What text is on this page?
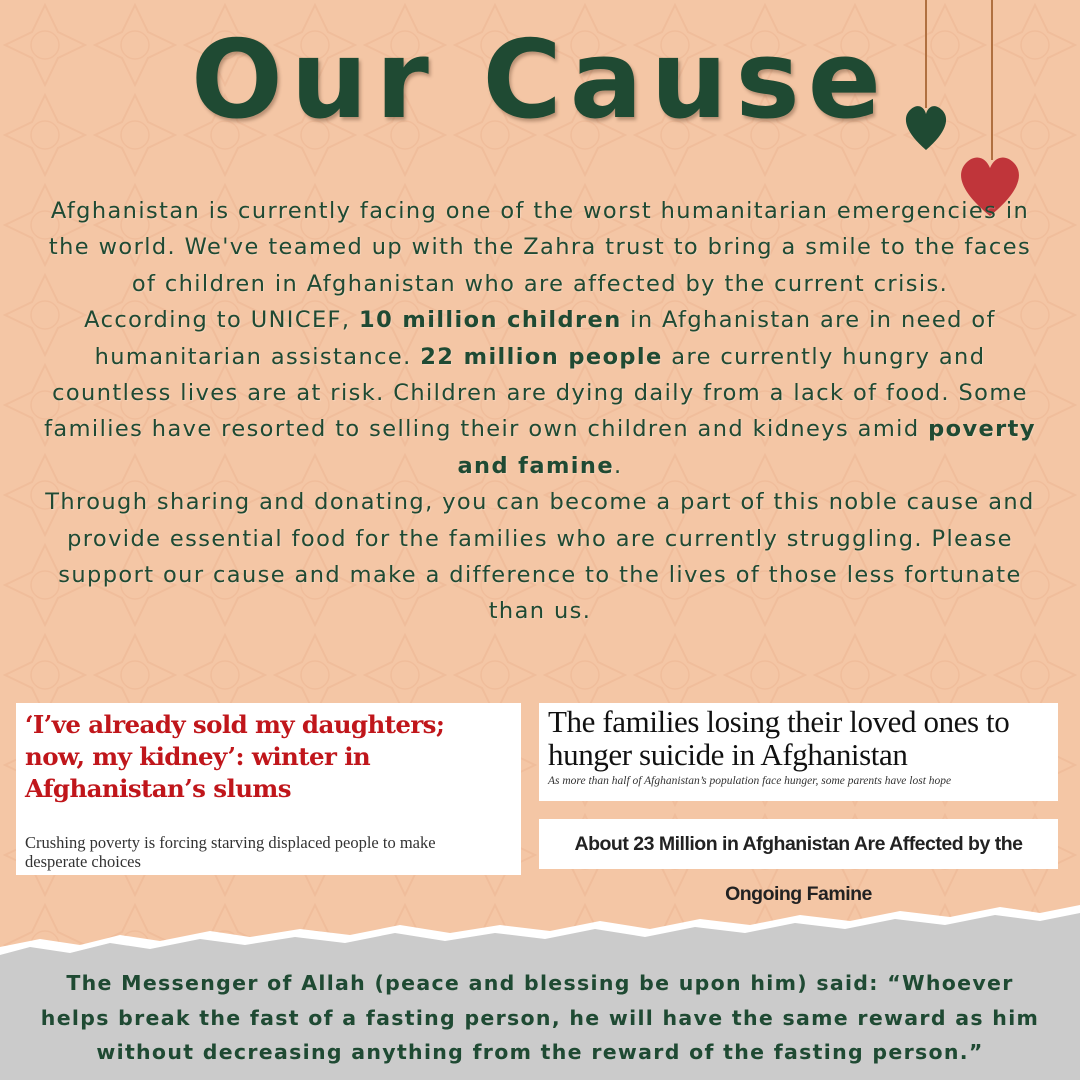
Our Cause

Afghanistan is currently facing one of the worst humanitarian emergencies in the world. We've teamed up with the Zahra trust to bring a smile to the faces of children in Afghanistan who are affected by the current crisis.

According to UNICEF, 10 million children in Afghanistan are in need of humanitarian assistance. 22 million people are currently hungry and countless lives are at risk. Children are dying daily from a lack of food. Some families have resorted to selling their own children and kidneys amid poverty and famine.

Through sharing and donating, you can become a part of this noble cause and provide essential food for the families who are currently struggling. Please support our cause and make a difference to the lives of those less fortunate than us.

‘I’ve already sold my daughters; now, my kidney’: winter in Afghanistan’s slums
Crushing poverty is forcing starving displaced people to make desperate choices
The families losing their loved ones to hunger suicide in Afghanistan
As more than half of Afghanistan’s population face hunger, some parents have lost hope
About 23 Million in Afghanistan Are Affected by the Ongoing Famine
The Messenger of Allah (peace and blessing be upon him) said: “Whoever helps break the fast of a fasting person, he will have the same reward as him without decreasing anything from the reward of the fasting person.”
